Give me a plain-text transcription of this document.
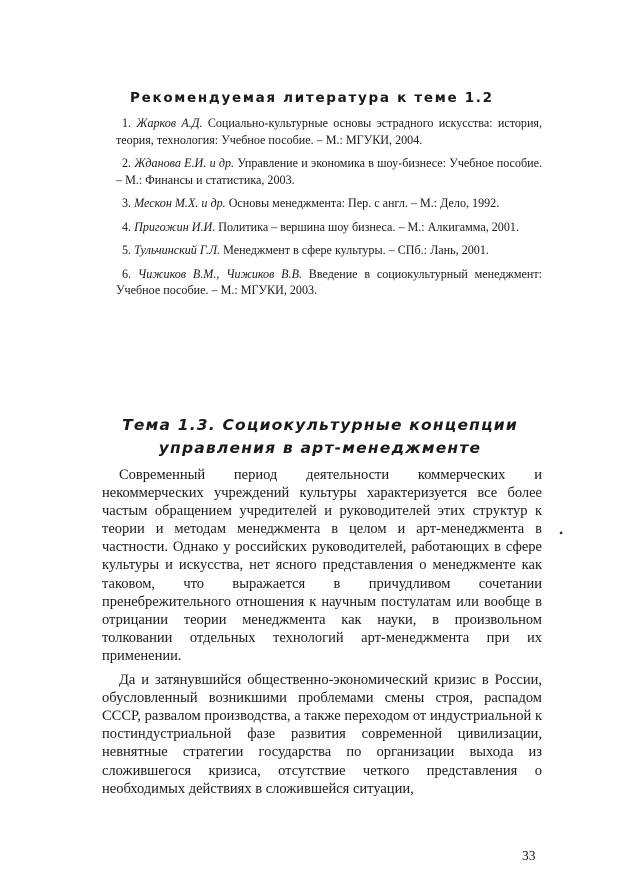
Рекомендуемая литература к теме 1.2
1. Жарков А.Д. Социально-культурные основы эстрадного искусства: история, теория, технология: Учебное пособие. – М.: МГУКИ, 2004.
2. Жданова Е.И. и др. Управление и экономика в шоу-бизнесе: Учебное пособие. – М.: Финансы и статистика, 2003.
3. Мескон М.Х. и др. Основы менеджмента: Пер. с англ. – М.: Дело, 1992.
4. Пригожин И.И. Политика – вершина шоу бизнеса. – М.: Алкигамма, 2001.
5. Тульчинский Г.Л. Менеджмент в сфере культуры. – СПб.: Лань, 2001.
6. Чижиков В.М., Чижиков В.В. Введение в социокультурный менеджмент: Учебное пособие. – М.: МГУКИ, 2003.
Тема 1.3. Социокультурные концепции
управления в арт-менеджменте

Современный период деятельности коммерческих и некоммерческих учреждений культуры характеризуется все более частым обращением учредителей и руководителей этих структур к теории и методам менеджмента в целом и арт-менеджмента в частности. Однако у российских руководителей, работающих в сфере культуры и искусства, нет ясного представления о менеджменте как таковом, что выражается в причудливом сочетании пренебрежительного отношения к научным постулатам или вообще в отрицании теории менеджмента как науки, в произвольном толковании отдельных технологий арт-менеджмента при их применении.

Да и затянувшийся общественно-экономический кризис в России, обусловленный возникшими проблемами смены строя, распадом СССР, развалом производства, а также переходом от индустриальной к постиндустриальной фазе развития современной цивилизации, невнятные стратегии государства по организации выхода из сложившегося кризиса, отсутствие четкого представления о необходимых действиях в сложившейся ситуации,

•
33
